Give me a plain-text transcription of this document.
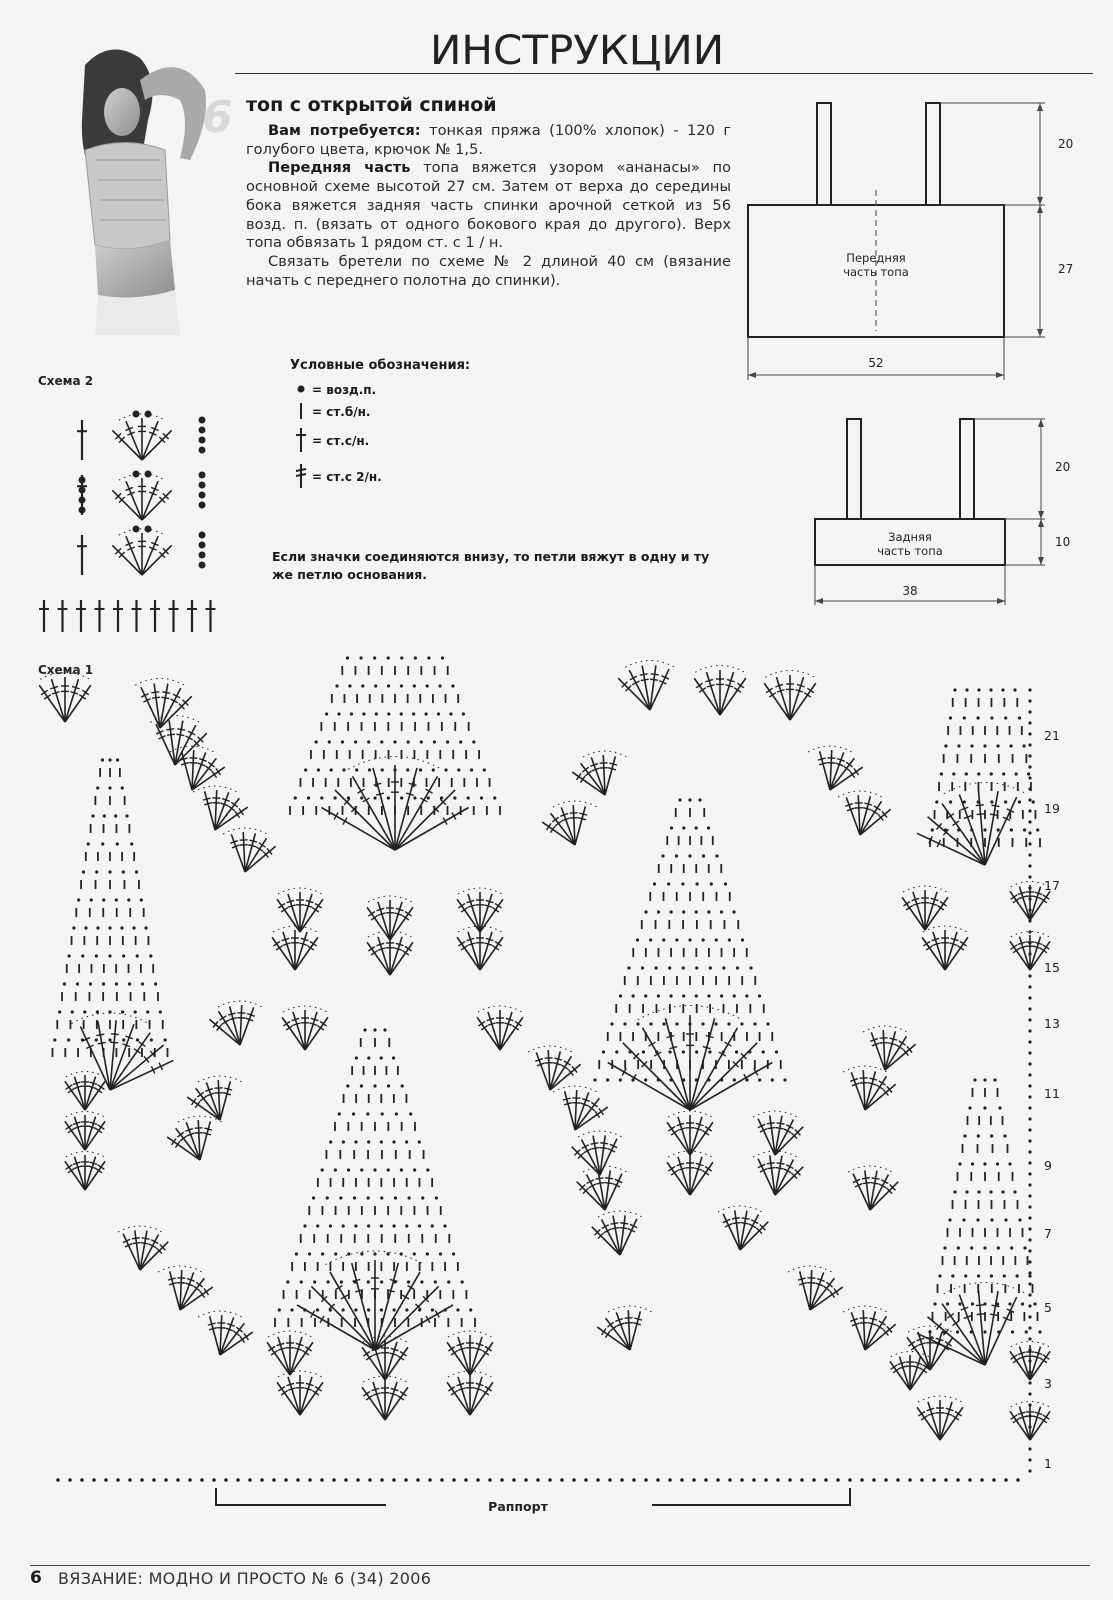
ИНСТРУКЦИИ
6 топ с открытой спиной

Вам потребуется: тонкая пряжа (100% хлопок) - 120 г голубого цвета, крючок № 1,5.

Передняя часть топа вяжется узором «ананасы» по основной схеме высотой 27 см. Затем от верха до середины бока вяжется задняя часть спинки арочной сеткой из 56 возд. п. (вязать от одного бокового края до другого). Верх топа обвязать 1 рядом ст. с 1 / н.

Связать бретели по схеме № 2 длиной 40 см (вязание начать с переднего полотна до спинки).

Передняя
часть топа
20
27
52
Задняя
часть топа
20
10
38
Условные обозначения:
= возд.п.
= ст.б/н.
= ст.с/н.
= ст.с 2/н.
Если значки соединяются внизу, то петли вяжут в одну и ту же петлю основания.
Схема 2
Схема 1
21
19
17
15
13
11
9
7
5
3
1
Раппорт
6 ВЯЗАНИЕ: МОДНО И ПРОСТО № 6 (34) 2006
